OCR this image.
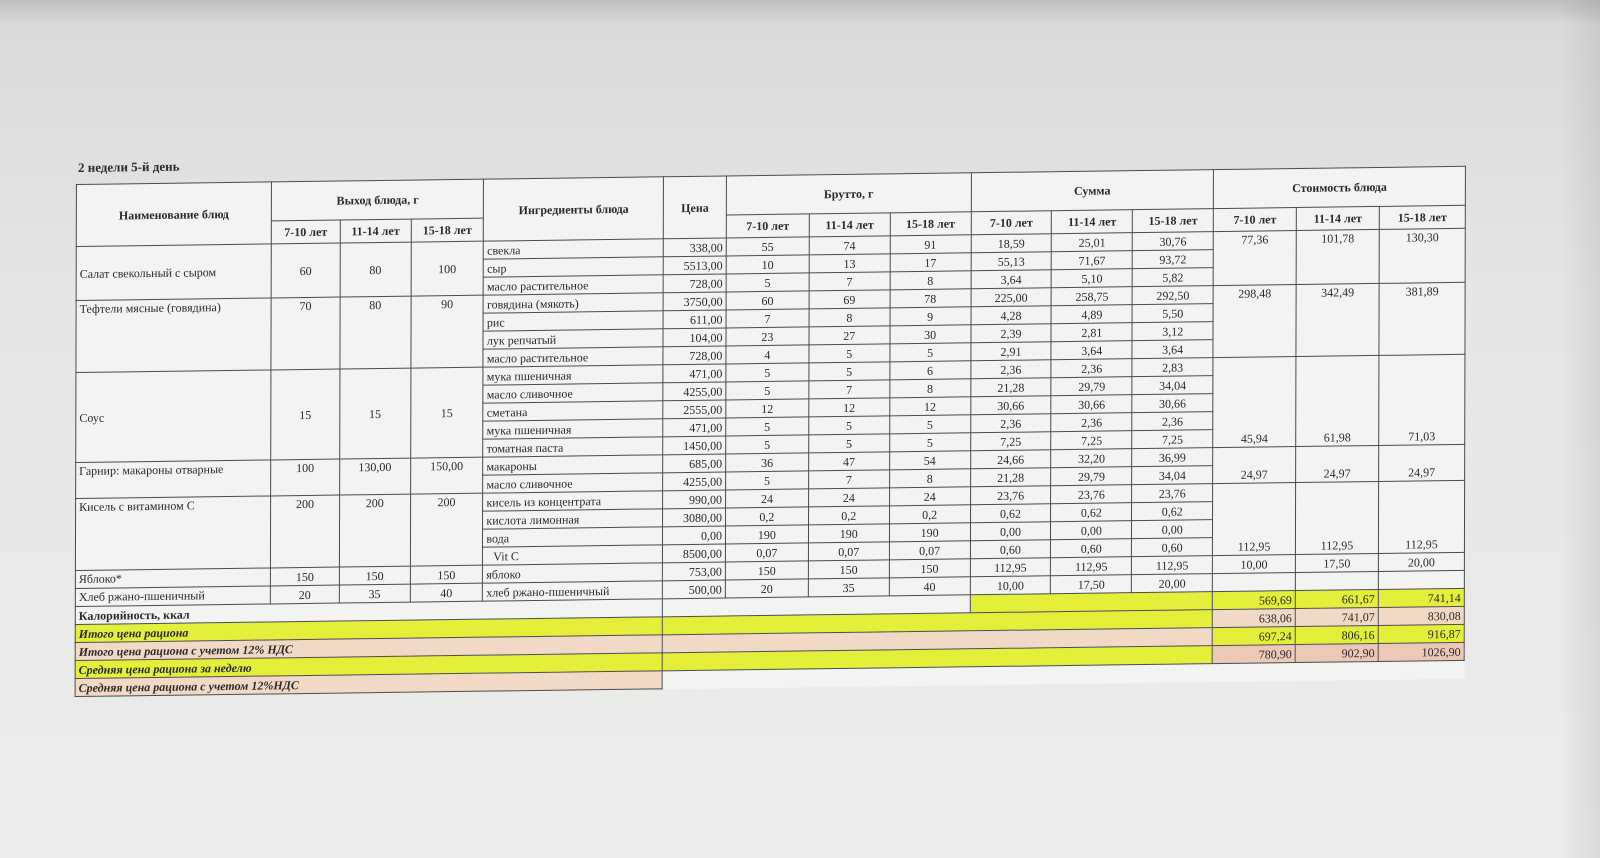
2 недели 5-й день
Наименование блюд	Выход блюда, г			Ингредиенты блюда	Цена	Брутто, г			Сумма			Стоимость блюда		
	7-10 лет	11-14 лет	15-18 лет			7-10 лет	11-14 лет	15-18 лет	7-10 лет	11-14 лет	15-18 лет	7-10 лет	11-14 лет	15-18 лет
Салат свекольный с сыром	60	80	100	свекла	338,00	55	74	91	18,59	25,01	30,76	77,36	101,78	130,30
				сыр	5513,00	10	13	17	55,13	71,67	93,72			
				масло растительное	728,00	5	7	8	3,64	5,10	5,82			
Тефтели мясные (говядина)	70	80	90	говядина (мякоть)	3750,00	60	69	78	225,00	258,75	292,50	298,48	342,49	381,89
				рис	611,00	7	8	9	4,28	4,89	5,50			
				лук репчатый	104,00	23	27	30	2,39	2,81	3,12			
				масло растительное	728,00	4	5	5	2,91	3,64	3,64			
Соус	15	15	15	мука пшеничная	471,00	5	5	6	2,36	2,36	2,83	45,94	61,98	71,03
				масло сливочное	4255,00	5	7	8	21,28	29,79	34,04			
				сметана	2555,00	12	12	12	30,66	30,66	30,66			
				мука пшеничная	471,00	5	5	5	2,36	2,36	2,36			
				томатная паста	1450,00	5	5	5	7,25	7,25	7,25			
Гарнир: макароны отварные	100	130,00	150,00	макароны	685,00	36	47	54	24,66	32,20	36,99	24,97	24,97	24,97
				масло сливочное	4255,00	5	7	8	21,28	29,79	34,04			
Кисель с витамином С	200	200	200	кисель из концентрата	990,00	24	24	24	23,76	23,76	23,76	112,95	112,95	112,95
				кислота лимонная	3080,00	0,2	0,2	0,2	0,62	0,62	0,62			
				вода	0,00	190	190	190	0,00	0,00	0,00			
				Vit C	8500,00	0,07	0,07	0,07	0,60	0,60	0,60			
Яблоко*	150	150	150	яблоко	753,00	150	150	150	112,95	112,95	112,95	10,00	17,50	20,00
Хлеб ржано-пшеничный	20	35	40	хлеб ржано-пшеничный	500,00	20	35	40	10,00	17,50	20,00			
Калорийность, ккал												569,69	661,67	741,14
Итого цена рациона												638,06	741,07	830,08
Итого цена рациона с учетом 12% НДС												697,24	806,16	916,87
Средняя цена рациона за неделю												780,90	902,90	1026,90
Средняя цена рациона с учетом 12%НДС														
